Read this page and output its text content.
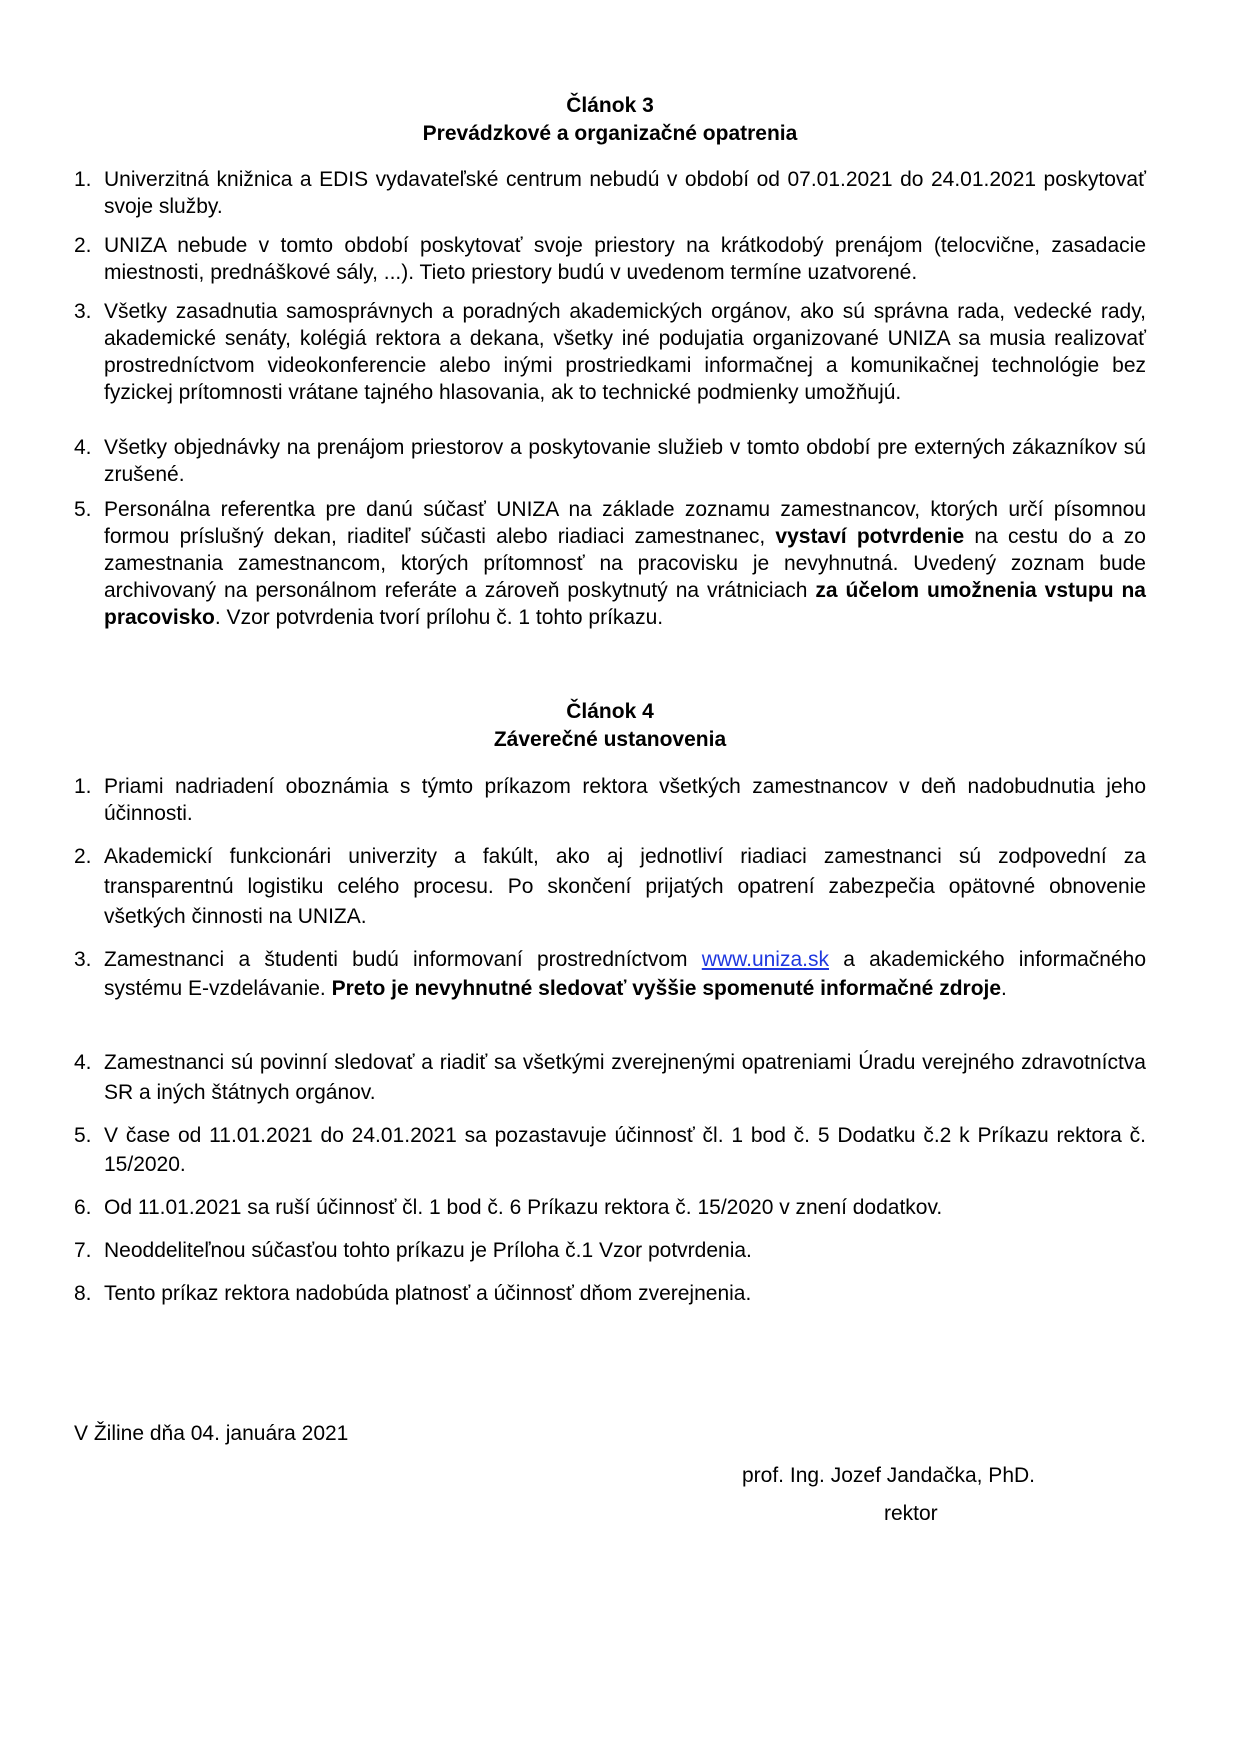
Článok 3
Prevádzkové a organizačné opatrenia
1. Univerzitná knižnica a EDIS vydavateľské centrum nebudú v období od 07.01.2021 do 24.01.2021 poskytovať svoje služby.
2. UNIZA nebude v tomto období poskytovať svoje priestory na krátkodobý prenájom (telocvične, zasadacie miestnosti, prednáškové sály, ...). Tieto priestory budú v uvedenom termíne uzatvorené.
3. Všetky zasadnutia samosprávnych a poradných akademických orgánov, ako sú správna rada, vedecké rady, akademické senáty, kolégiá rektora a dekana, všetky iné podujatia organizované UNIZA sa musia realizovať prostredníctvom videokonferencie alebo inými prostriedkami informačnej a komunikačnej technológie bez fyzickej prítomnosti vrátane tajného hlasovania, ak to technické podmienky umožňujú.
4. Všetky objednávky na prenájom priestorov a poskytovanie služieb v tomto období pre externých zákazníkov sú zrušené.
5. Personálna referentka pre danú súčasť UNIZA na základe zoznamu zamestnancov, ktorých určí písomnou formou príslušný dekan, riaditeľ súčasti alebo riadiaci zamestnanec, vystaví potvrdenie na cestu do a zo zamestnania zamestnancom, ktorých prítomnosť na pracovisku je nevyhnutná. Uvedený zoznam bude archivovaný na personálnom referáte a zároveň poskytnutý na vrátniciach za účelom umožnenia vstupu na pracovisko. Vzor potvrdenia tvorí prílohu č. 1 tohto príkazu.
Článok 4
Záverečné ustanovenia
1. Priami nadriadení oboznámia s týmto príkazom rektora všetkých zamestnancov v deň nadobudnutia jeho účinnosti.
2. Akademickí funkcionári univerzity a fakúlt, ako aj jednotliví riadiaci zamestnanci sú zodpovední za transparentnú logistiku celého procesu. Po skončení prijatých opatrení zabezpečia opätovné obnovenie všetkých činnosti na UNIZA.
3. Zamestnanci a študenti budú informovaní prostredníctvom www.uniza.sk a akademického informačného systému E-vzdelávanie. Preto je nevyhnutné sledovať vyššie spomenuté informačné zdroje.
4. Zamestnanci sú povinní sledovať a riadiť sa všetkými zverejnenými opatreniami Úradu verejného zdravotníctva SR a iných štátnych orgánov.
5. V čase od 11.01.2021 do 24.01.2021 sa pozastavuje účinnosť čl. 1 bod č. 5 Dodatku č.2 k Príkazu rektora č. 15/2020.
6. Od 11.01.2021 sa ruší účinnosť čl. 1 bod č. 6 Príkazu rektora č. 15/2020 v znení dodatkov.
7. Neoddeliteľnou súčasťou tohto príkazu je Príloha č.1 Vzor potvrdenia.
8. Tento príkaz rektora nadobúda platnosť a účinnosť dňom zverejnenia.
V Žiline dňa 04. januára 2021
prof. Ing. Jozef Jandačka, PhD.
rektor
